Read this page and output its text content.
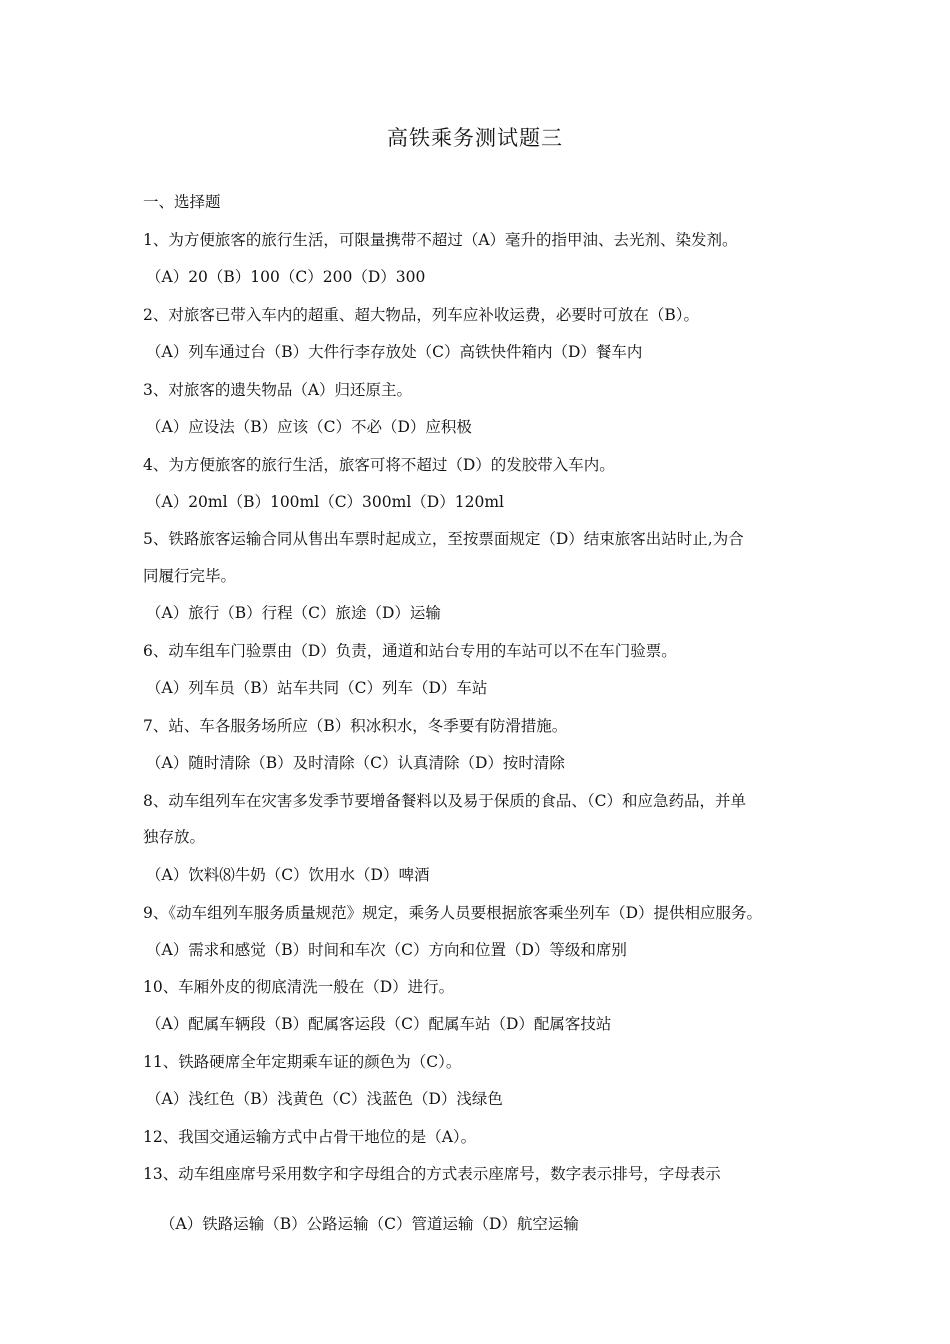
高铁乘务测试题三
一、选择题
1、为方便旅客的旅行生活，可限量携带不超过（A）毫升的指甲油、去光剂、染发剂。
（A）20（B）100（C）200（D）300
2、对旅客已带入车内的超重、超大物品，列车应补收运费，必要时可放在（B）。
（A）列车通过台（B）大件行李存放处（C）高铁快件箱内（D）餐车内
3、对旅客的遗失物品（A）归还原主。
（A）应设法（B）应该（C）不必（D）应积极
4、为方便旅客的旅行生活，旅客可将不超过（D）的发胶带入车内。
（A）20ml（B）100ml（C）300ml（D）120ml
5、铁路旅客运输合同从售出车票时起成立，至按票面规定（D）结束旅客出站时止,为合
同履行完毕。
（A）旅行（B）行程（C）旅途（D）运输
6、动车组车门验票由（D）负责，通道和站台专用的车站可以不在车门验票。
（A）列车员（B）站车共同（C）列车（D）车站
7、站、车各服务场所应（B）积冰积水，冬季要有防滑措施。
（A）随时清除（B）及时清除（C）认真清除（D）按时清除
8、动车组列车在灾害多发季节要增备餐料以及易于保质的食品、（C）和应急药品，并单
独存放。
（A）饮料⑻牛奶（C）饮用水（D）啤酒
9、《动车组列车服务质量规范》规定，乘务人员要根据旅客乘坐列车（D）提供相应服务。
（A）需求和感觉（B）时间和车次（C）方向和位置（D）等级和席别
10、车厢外皮的彻底清洗一般在（D）进行。
（A）配属车辆段（B）配属客运段（C）配属车站（D）配属客技站
11、铁路硬席全年定期乘车证的颜色为（C）。
（A）浅红色（B）浅黄色（C）浅蓝色（D）浅绿色
12、我国交通运输方式中占骨干地位的是（A）。
13、动车组座席号采用数字和字母组合的方式表示座席号，数字表示排号，字母表示
（A）铁路运输（B）公路运输（C）管道运输（D）航空运输
